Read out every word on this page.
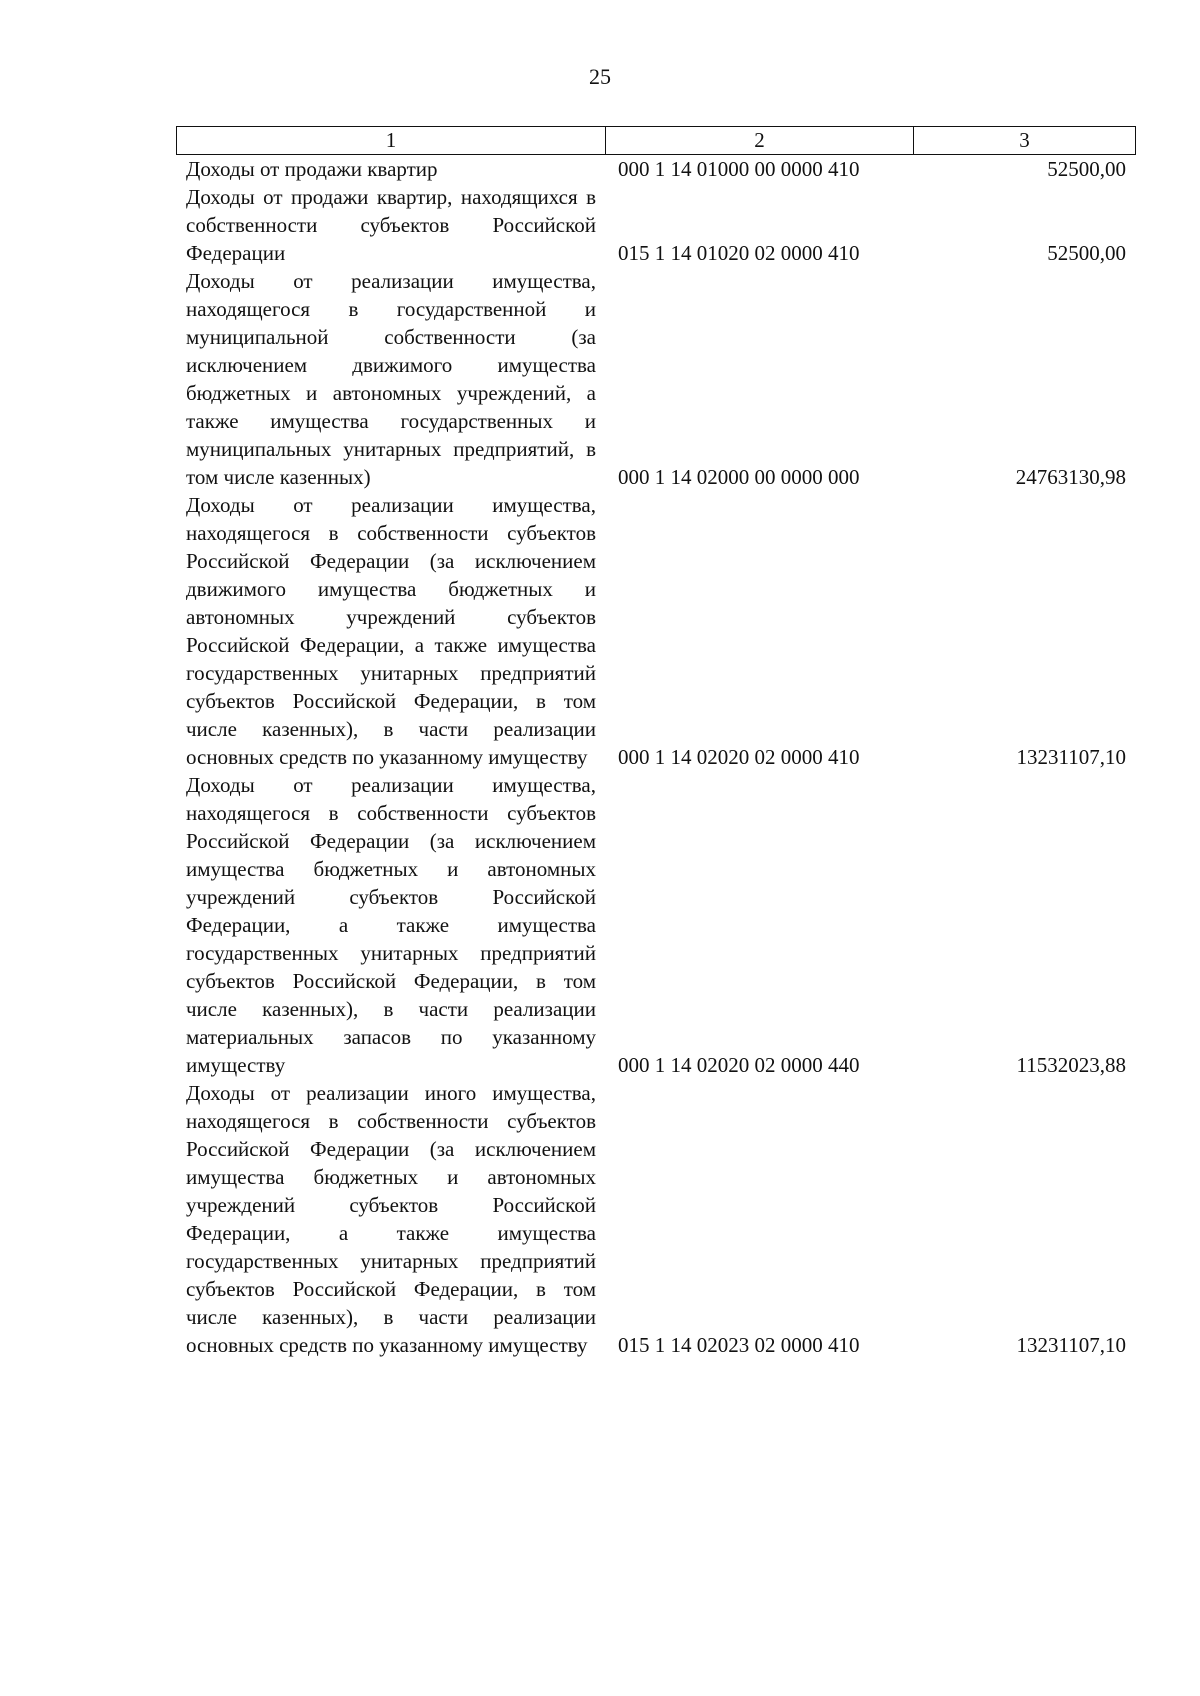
25
1	2	3
Доходы от продажи квартир	000 1 14 01000 00 0000 410	52500,00
Доходы от продажи квартир, находящихся в собственности субъектов Российской Федерации	015 1 14 01020 02 0000 410	52500,00
Доходы от реализации имущества, находящегося в государственной и муниципальной собственности (за исключением движимого имущества бюджетных и автономных учреждений, а также имущества государственных и муниципальных унитарных предприятий, в том числе казенных)	000 1 14 02000 00 0000 000	24763130,98
Доходы от реализации имущества, находящегося в собственности субъектов Российской Федерации (за исключением движимого имущества бюджетных и автономных учреждений субъектов Российской Федерации, а также имущества государственных унитарных предприятий субъектов Российской Федерации, в том числе казенных), в части реализации основных средств по указанному имуществу	000 1 14 02020 02 0000 410	13231107,10
Доходы от реализации имущества, находящегося в собственности субъектов Российской Федерации (за исключением имущества бюджетных и автономных учреждений субъектов Российской Федерации, а также имущества государственных унитарных предприятий субъектов Российской Федерации, в том числе казенных), в части реализации материальных запасов по указанному имуществу	000 1 14 02020 02 0000 440	11532023,88
Доходы от реализации иного имущества, находящегося в собственности субъектов Российской Федерации (за исключением имущества бюджетных и автономных учреждений субъектов Российской Федерации, а также имущества государственных унитарных предприятий субъектов Российской Федерации, в том числе казенных), в части реализации основных средств по указанному имуществу	015 1 14 02023 02 0000 410	13231107,10
